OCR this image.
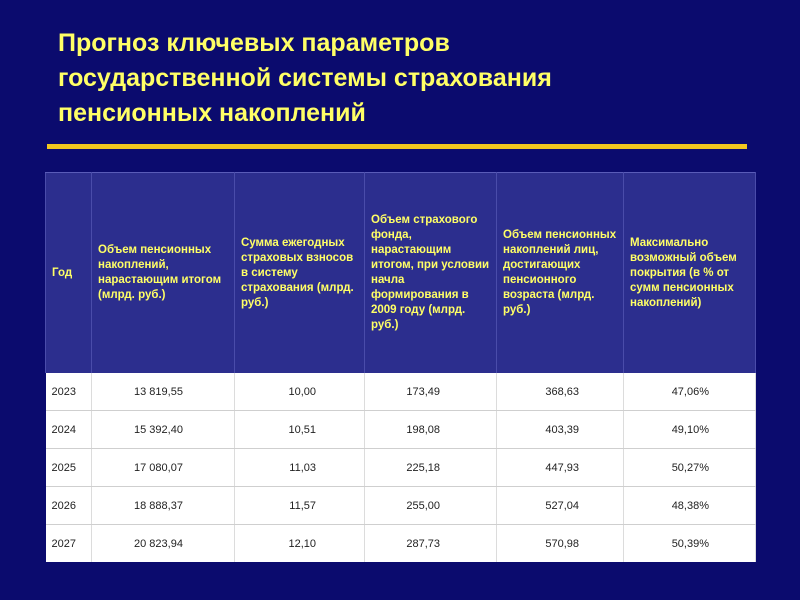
Прогноз ключевых параметров
государственной системы страхования
пенсионных накоплений
Год	Объем пенсионных накоплений, нарастающим итогом (млрд. руб.)	Сумма ежегодных страховых взносов в систему страхования (млрд. руб.)	Объем страхового фонда, нарастающим итогом, при условии начла формирования в 2009 году (млрд. руб.)	Объем пенсионных накоплений лиц, достигающих пенсионного возраста (млрд. руб.)	Максимально возможный объем покрытия (в % от сумм пенсионных накоплений)
2023	13 819,55	10,00	173,49	368,63	47,06%
2024	15 392,40	10,51	198,08	403,39	49,10%
2025	17 080,07	11,03	225,18	447,93	50,27%
2026	18 888,37	11,57	255,00	527,04	48,38%
2027	20 823,94	12,10	287,73	570,98	50,39%
